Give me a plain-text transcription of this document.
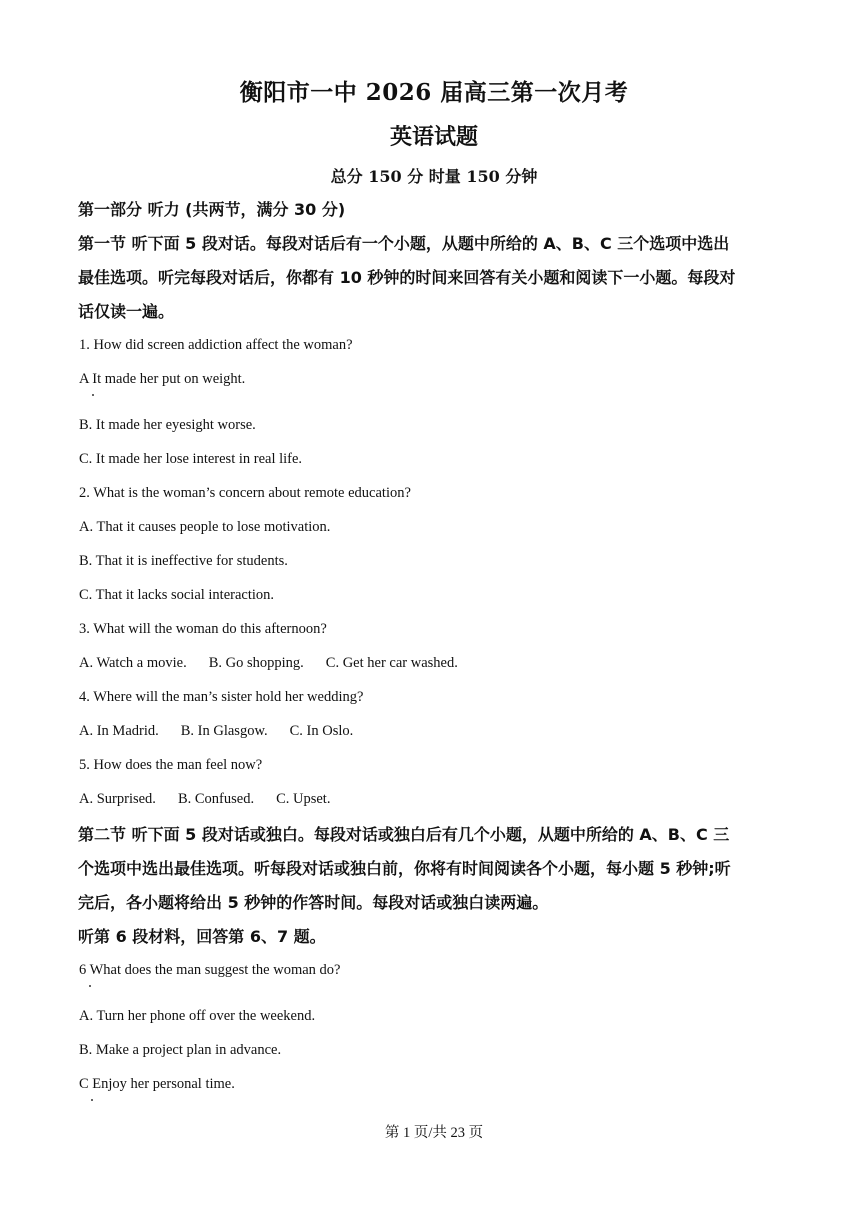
衡阳市一中 2026 届高三第一次月考
英语试题
总分 150 分 时量 150 分钟
第一部分 听力 (共两节，满分 30 分)
第一节 听下面 5 段对话。每段对话后有一个小题，从题中所给的 A、B、C 三个选项中选出
最佳选项。听完每段对话后，你都有 10 秒钟的时间来回答有关小题和阅读下一小题。每段对
话仅读一遍。
1. How did screen addiction affect the woman?
A It made her put on weight.
B. It made her eyesight worse.
C. It made her lose interest in real life.
2. What is the woman’s concern about remote education?
A. That it causes people to lose motivation.
B. That it is ineffective for students.
C. That it lacks social interaction.
3. What will the woman do this afternoon?
A. Watch a movie. B. Go shopping. C. Get her car washed.
4. Where will the man’s sister hold her wedding?
A. In Madrid. B. In Glasgow. C. In Oslo.
5. How does the man feel now?
A. Surprised. B. Confused. C. Upset.
第二节 听下面 5 段对话或独白。每段对话或独白后有几个小题，从题中所给的 A、B、C 三
个选项中选出最佳选项。听每段对话或独白前，你将有时间阅读各个小题，每小题 5 秒钟;听
完后，各小题将给出 5 秒钟的作答时间。每段对话或独白读两遍。
听第 6 段材料，回答第 6、7 题。
6 What does the man suggest the woman do?
A. Turn her phone off over the weekend.
B. Make a project plan in advance.
C Enjoy her personal time.
第 1 页/共 23 页
